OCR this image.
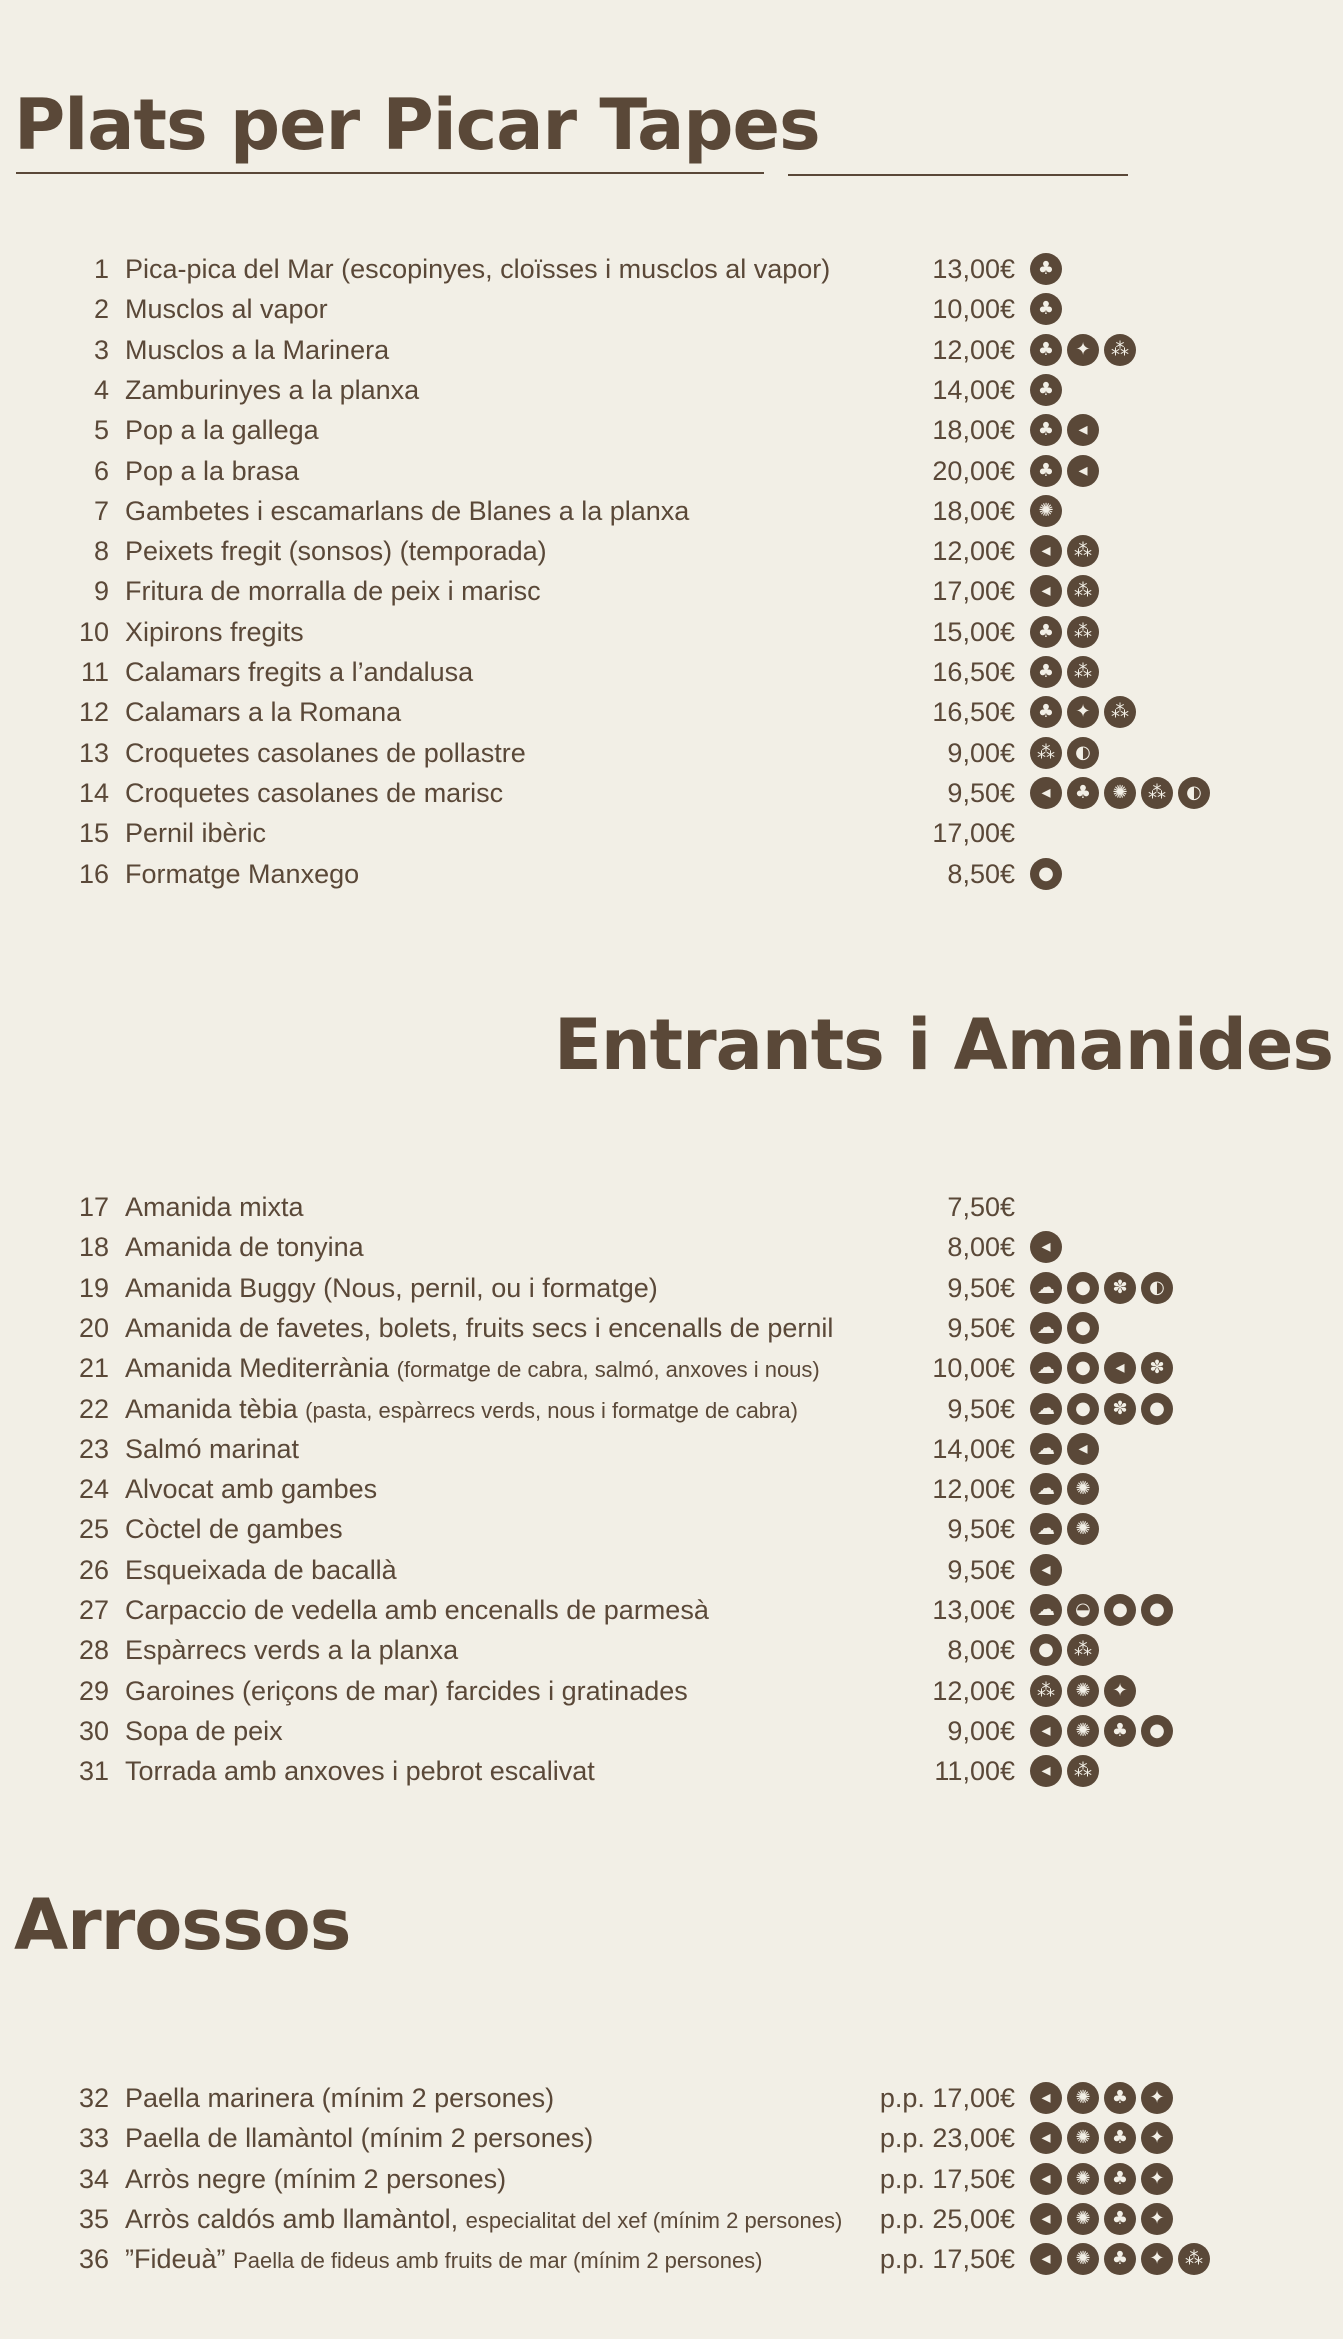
Plats per Picar Tapes
Entrants i Amanides
Arrossos
1 Pica-pica del Mar (escopinyes, cloïsses i musclos al vapor)	13,00€	♣
2 Musclos al vapor	10,00€	♣
3 Musclos a la Marinera	12,00€	♣	✦	⁂
4 Zamburinyes a la planxa	14,00€	♣
5 Pop a la gallega	18,00€	♣	◂
6 Pop a la brasa	20,00€	♣	◂
7 Gambetes i escamarlans de Blanes a la planxa	18,00€	✺
8 Peixets fregit (sonsos) (temporada)	12,00€	◂	⁂
9 Fritura de morralla de peix i marisc	17,00€	◂	⁂
10 Xipirons fregits	15,00€	♣	⁂
11 Calamars fregits a l’andalusa	16,50€	♣	⁂
12 Calamars a la Romana	16,50€	♣	✦	⁂
13 Croquetes casolanes de pollastre	9,00€	⁂	◐
14 Croquetes casolanes de marisc	9,50€	◂	♣	✺	⁂	◐
15 Pernil ibèric	17,00€
16 Formatge Manxego	8,50€	●
17 Amanida mixta	7,50€
18 Amanida de tonyina	8,00€	◂
19 Amanida Buggy (Nous, pernil, ou i formatge)	9,50€	☁	●	✽	◐
20 Amanida de favetes, bolets, fruits secs i encenalls de pernil	9,50€	☁	●
21 Amanida Mediterrània (formatge de cabra, salmó, anxoves i nous)	10,00€	☁	●	◂	✽
22 Amanida tèbia (pasta, espàrrecs verds, nous i formatge de cabra)	9,50€	☁	●	✽	●
23 Salmó marinat	14,00€	☁	◂
24 Alvocat amb gambes	12,00€	☁	✺
25 Còctel de gambes	9,50€	☁	✺
26 Esqueixada de bacallà	9,50€	◂
27 Carpaccio de vedella amb encenalls de parmesà	13,00€	☁	◒	●	●
28 Espàrrecs verds a la planxa	8,00€	●	⁂
29 Garoines (eriçons de mar) farcides i gratinades	12,00€	⁂	✺	✦
30 Sopa de peix	9,00€	◂	✺	♣	●
31 Torrada amb anxoves i pebrot escalivat	11,00€	◂	⁂
32 Paella marinera (mínim 2 persones)	p.p. 17,00€	◂	✺	♣	✦
33 Paella de llamàntol (mínim 2 persones)	p.p. 23,00€	◂	✺	♣	✦
34 Arròs negre (mínim 2 persones)	p.p. 17,50€	◂	✺	♣	✦
35 Arròs caldós amb llamàntol, especialitat del xef (mínim 2 persones) p.p. 25,00€	◂	✺	♣	✦
36 ”Fideuà” Paella de fideus amb fruits de mar (mínim 2 persones)	p.p. 17,50€	◂	✺	♣	✦	⁂
